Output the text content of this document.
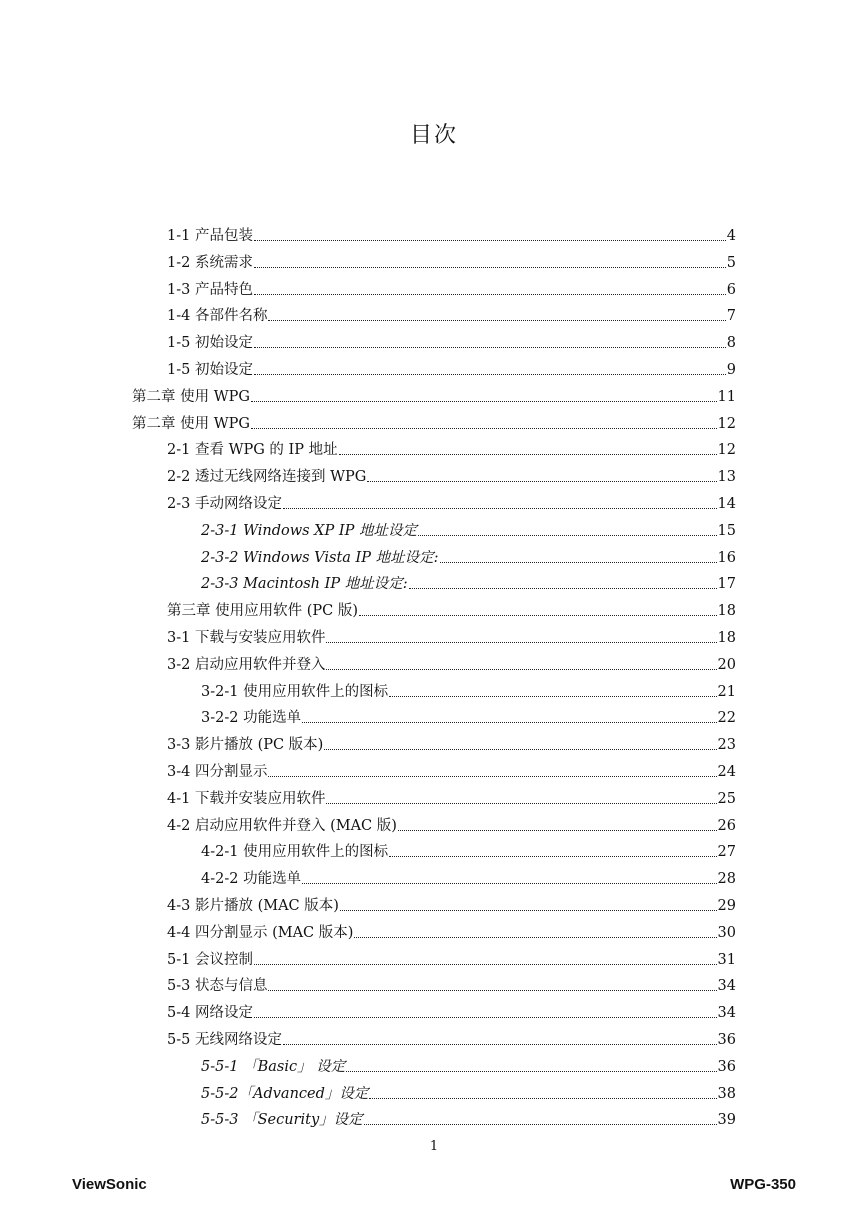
目次
1-1 产品包装	4
1-2 系统需求	5
1-3 产品特色	6
1-4 各部件名称	7
1-5 初始设定	8
1-5 初始设定	9
第二章 使用 WPG	11
第二章 使用 WPG	12
2-1 查看 WPG 的 IP 地址	12
2-2 透过无线网络连接到 WPG	13
2-3 手动网络设定	14
2-3-1 Windows XP IP 地址设定	15
2-3-2 Windows Vista IP 地址设定:	16
2-3-3 Macintosh IP 地址设定:	17
第三章 使用应用软件 (PC 版)	18
3-1 下载与安装应用软件	18
3-2 启动应用软件并登入	20
3-2-1 使用应用软件上的图标	21
3-2-2 功能选单	22
3-3 影片播放 (PC 版本)	23
3-4 四分割显示	24
4-1 下载并安装应用软件	25
4-2 启动应用软件并登入 (MAC 版)	26
4-2-1 使用应用软件上的图标	27
4-2-2 功能选单	28
4-3 影片播放 (MAC 版本)	29
4-4 四分割显示 (MAC 版本)	30
5-1 会议控制	31
5-3 状态与信息	34
5-4 网络设定	34
5-5 无线网络设定	36
5-5-1 「Basic」 设定	36
5-5-2「Advanced」设定	38
5-5-3 「Security」设定	39
1
ViewSonic	WPG-350
